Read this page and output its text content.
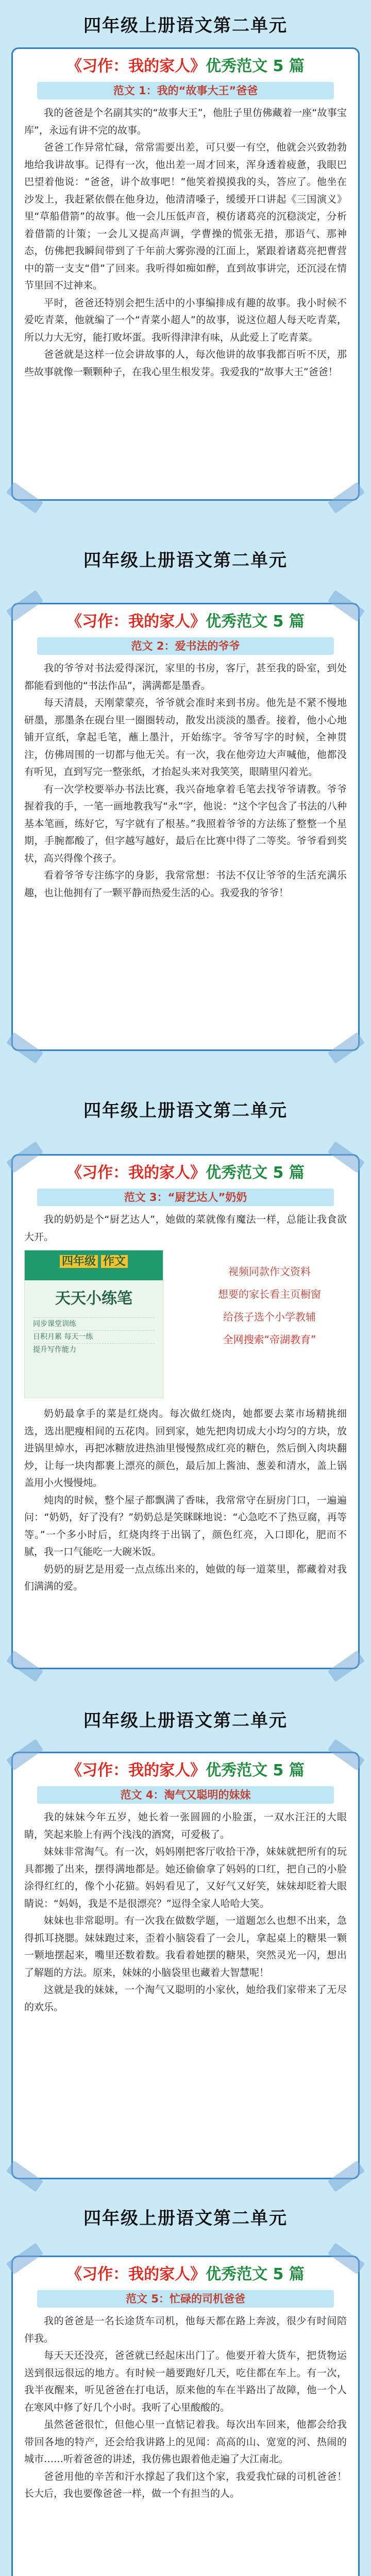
四年级上册语文第二单元
《习作：我的家人》优秀范文 5 篇
范文 1：我的“故事大王”爸爸

我的爸爸是个名副其实的“故事大王”，他肚子里仿佛藏着一座“故事宝库”，永远有讲不完的故事。

爸爸工作异常忙碌，常常需要出差，可只要一有空，他就会兴致勃勃地给我讲故事。记得有一次，他出差一周才回来，浑身透着疲惫，我眼巴巴望着他说：“爸爸，讲个故事吧！”他笑着摸摸我的头，答应了。他坐在沙发上，我赶紧依偎在他身边，他清清嗓子，缓缓开口讲起《三国演义》里“草船借箭”的故事。他一会儿压低声音，模仿诸葛亮的沉稳淡定，分析着借箭的计策；一会儿又提高声调，学曹操的慌张无措，那语气、那神态，仿佛把我瞬间带到了千年前大雾弥漫的江面上，紧跟着诸葛亮把曹营中的箭一支支“借”了回来。我听得如痴如醉，直到故事讲完，还沉浸在情节里回不过神来。

平时，爸爸还特别会把生活中的小事编排成有趣的故事。我小时候不爱吃青菜，他就编了一个“青菜小超人”的故事，说这位超人每天吃青菜，所以力大无穷，能打败坏蛋。我听得津津有味，从此爱上了吃青菜。

爸爸就是这样一位会讲故事的人，每次他讲的故事我都百听不厌，那些故事就像一颗颗种子，在我心里生根发芽。我爱我的“故事大王”爸爸！

四年级上册语文第二单元
《习作：我的家人》优秀范文 5 篇
范文 2：爱书法的爷爷

我的爷爷对书法爱得深沉，家里的书房，客厅，甚至我的卧室，到处都能看到他的“书法作品”，满满都是墨香。

每天清晨，天刚蒙蒙亮，爷爷就会准时来到书房。他先是不紧不慢地研墨，那墨条在砚台里一圈圈转动，散发出淡淡的墨香。接着，他小心地铺开宣纸，拿起毛笔，蘸上墨汁，开始练字。爷爷写字的时候，全神贯注，仿佛周围的一切都与他无关。有一次，我在他旁边大声喊他，他都没有听见，直到写完一整张纸，才抬起头来对我笑笑，眼睛里闪着光。

有一次学校要举办书法比赛，我兴奋地拿着毛笔去找爷爷请教。爷爷握着我的手，一笔一画地教我写“永”字，他说：“这个字包含了书法的八种基本笔画，练好它，写字就有了根基。”我照着爷爷的方法练了整整一个星期，手腕都酸了，但字越写越好，最后在比赛中得了二等奖。爷爷看到奖状，高兴得像个孩子。

看着爷爷专注练字的身影，我常常想：书法不仅让爷爷的生活充满乐趣，也让他拥有了一颗平静而热爱生活的心。我爱我的爷爷！

四年级上册语文第二单元
《习作：我的家人》优秀范文 5 篇
范文 3：“厨艺达人”奶奶

我的奶奶是个“厨艺达人”，她做的菜就像有魔法一样，总能让我食欲大开。

四年级 作文
天天小练笔
同步课堂训练
日积月累 每天一练
提升写作能力
视频同款作文资料
想要的家长看主页橱窗
给孩子选个小学教辅
全网搜索“帝湖教育”

奶奶最拿手的菜是红烧肉。每次做红烧肉，她都要去菜市场精挑细选，选出肥瘦相间的五花肉。回到家，她先把肉切成大小均匀的方块，放进锅里焯水，再把冰糖放进热油里慢慢熬成红亮的糖色，然后倒入肉块翻炒，让每一块肉都裹上漂亮的颜色，最后加上酱油、葱姜和清水，盖上锅盖用小火慢慢炖。

炖肉的时候，整个屋子都飘满了香味，我常常守在厨房门口，一遍遍问：“奶奶，好了没有？”奶奶总是笑眯眯地说：“心急吃不了热豆腐，再等等。”一个多小时后，红烧肉终于出锅了，颜色红亮，入口即化，肥而不腻，我一口气能吃一大碗米饭。

奶奶的厨艺是用爱一点点练出来的，她做的每一道菜里，都藏着对我们满满的爱。

四年级上册语文第二单元
《习作：我的家人》优秀范文 5 篇
范文 4：淘气又聪明的妹妹

我的妹妹今年五岁，她长着一张圆圆的小脸蛋，一双水汪汪的大眼睛，笑起来脸上有两个浅浅的酒窝，可爱极了。

妹妹非常淘气。有一次，妈妈刚把客厅收拾干净，妹妹就把所有的玩具都搬了出来，摆得满地都是。她还偷偷拿了妈妈的口红，把自己的小脸涂得红红的，像个小花猫。妈妈看见了，又好气又好笑，妹妹却眨着大眼睛说：“妈妈，我是不是很漂亮？”逗得全家人哈哈大笑。

妹妹也非常聪明。有一次我在做数学题，一道题怎么也想不出来，急得抓耳挠腮。妹妹跑过来，歪着小脑袋看了一会儿，拿起桌上的糖果一颗一颗地摆起来，嘴里还数着数。我看着她摆的糖果，突然灵光一闪，想出了解题的方法。原来，妹妹的小脑袋里也藏着大智慧呢！

这就是我的妹妹，一个淘气又聪明的小家伙，她给我们家带来了无尽的欢乐。

四年级上册语文第二单元
《习作：我的家人》优秀范文 5 篇
范文 5：忙碌的司机爸爸

我的爸爸是一名长途货车司机，他每天都在路上奔波，很少有时间陪伴我。

每天天还没亮，爸爸就已经起床出门了。他要开着大货车，把货物运送到很远很远的地方。有时候一趟要跑好几天，吃住都在车上。有一次，我半夜醒来，听见爸爸在打电话，原来他的车在半路出了故障，他一个人在寒风中修了好几个小时。我听了心里酸酸的。

虽然爸爸很忙，但他心里一直惦记着我。每次出车回来，他都会给我带回各地的特产，还会给我讲路上的见闻：高高的山、宽宽的河、热闹的城市……听着爸爸的讲述，我仿佛也跟着他走遍了大江南北。

爸爸用他的辛苦和汗水撑起了我们这个家，我爱我忙碌的司机爸爸！长大后，我也要像爸爸一样，做一个有担当的人。
